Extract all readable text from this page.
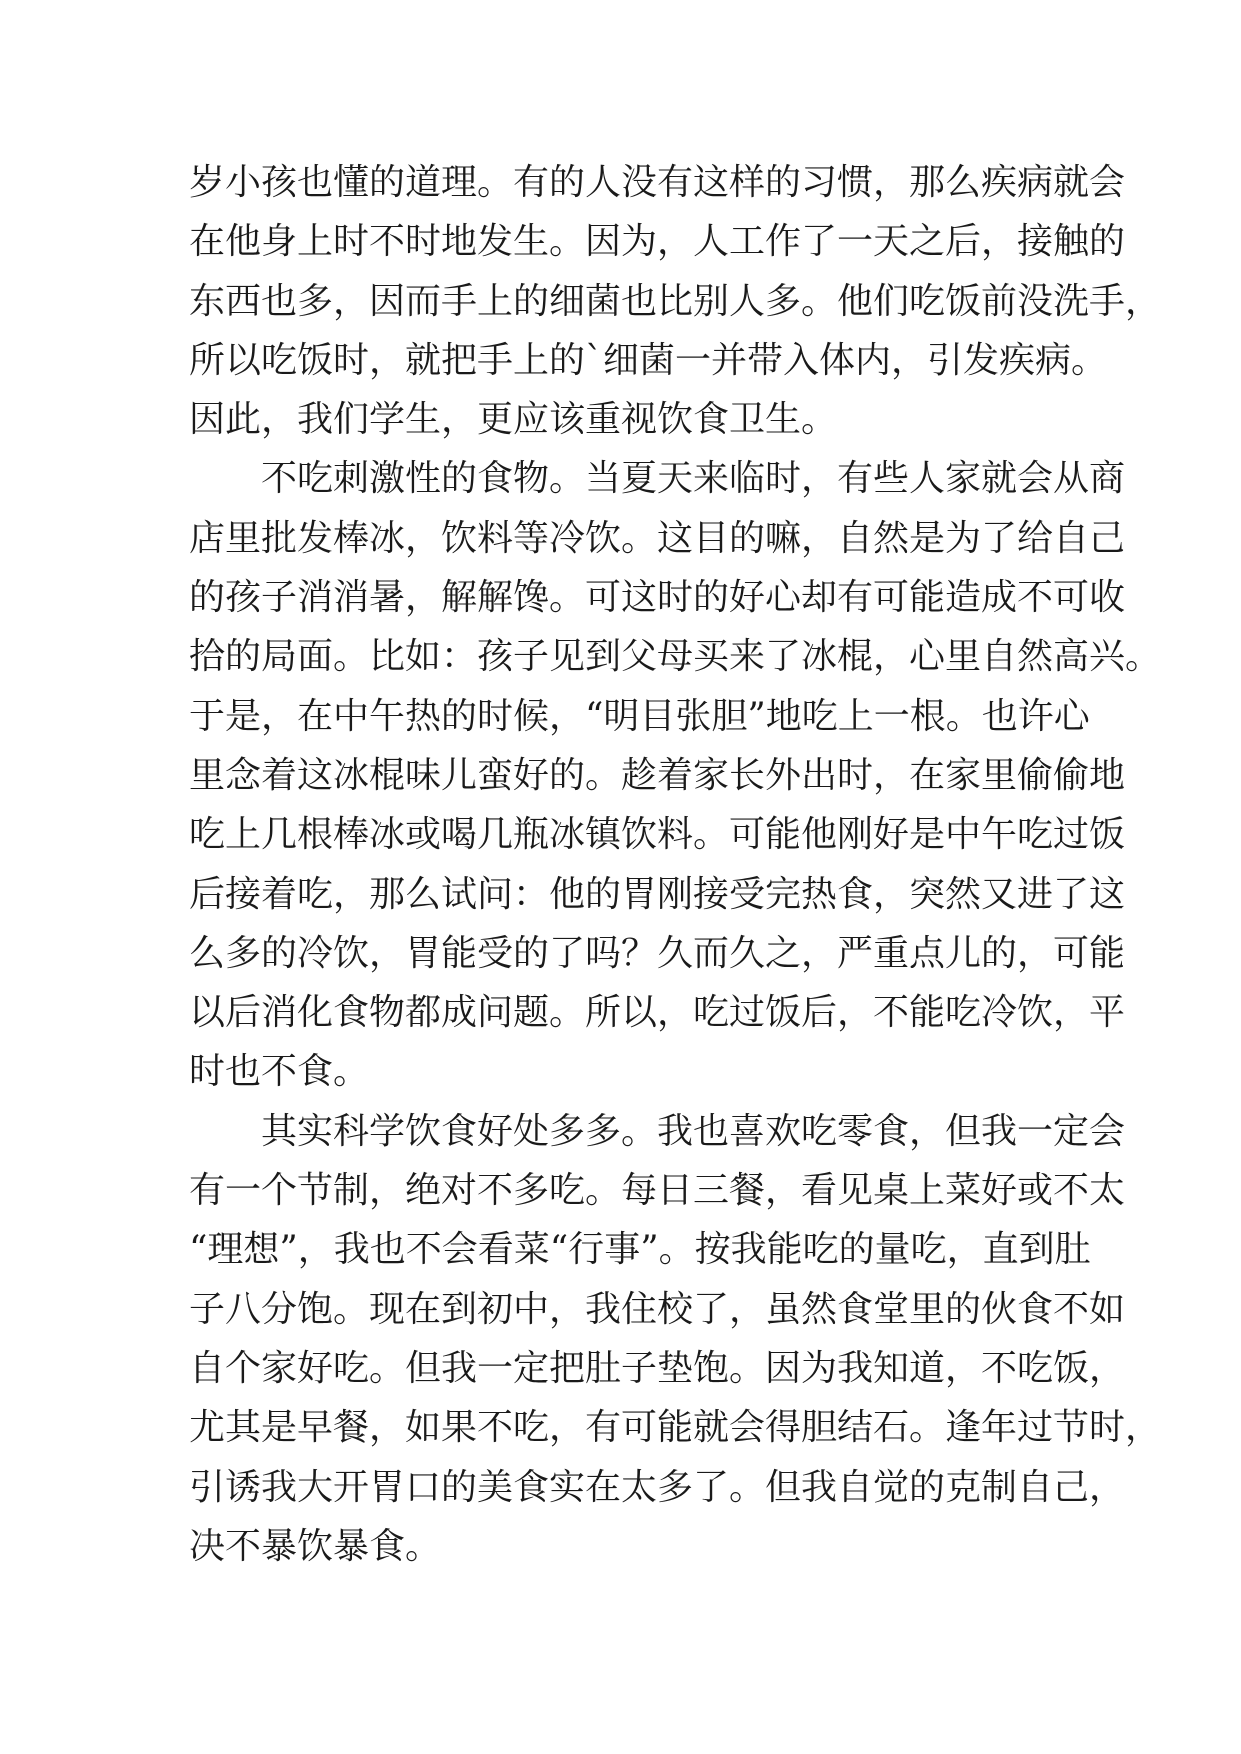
岁小孩也懂的道理。有的人没有这样的习惯，那么疾病就会
在他身上时不时地发生。因为，人工作了一天之后，接触的
东西也多，因而手上的细菌也比别人多。他们吃饭前没洗手，
所以吃饭时，就把手上的`细菌一并带入体内，引发疾病。
因此，我们学生，更应该重视饮食卫生。
不吃刺激性的食物。当夏天来临时，有些人家就会从商
店里批发棒冰，饮料等冷饮。这目的嘛，自然是为了给自己
的孩子消消暑，解解馋。可这时的好心却有可能造成不可收
拾的局面。比如：孩子见到父母买来了冰棍，心里自然高兴。
于是，在中午热的时候，“明目张胆”地吃上一根。也许心
里念着这冰棍味儿蛮好的。趁着家长外出时，在家里偷偷地
吃上几根棒冰或喝几瓶冰镇饮料。可能他刚好是中午吃过饭
后接着吃，那么试问：他的胃刚接受完热食，突然又进了这
么多的冷饮，胃能受的了吗？久而久之，严重点儿的，可能
以后消化食物都成问题。所以，吃过饭后，不能吃冷饮，平
时也不食。
其实科学饮食好处多多。我也喜欢吃零食，但我一定会
有一个节制，绝对不多吃。每日三餐，看见桌上菜好或不太
“理想”，我也不会看菜“行事”。按我能吃的量吃，直到肚
子八分饱。现在到初中，我住校了，虽然食堂里的伙食不如
自个家好吃。但我一定把肚子垫饱。因为我知道，不吃饭，
尤其是早餐，如果不吃，有可能就会得胆结石。逢年过节时，
引诱我大开胃口的美食实在太多了。但我自觉的克制自己，
决不暴饮暴食。
